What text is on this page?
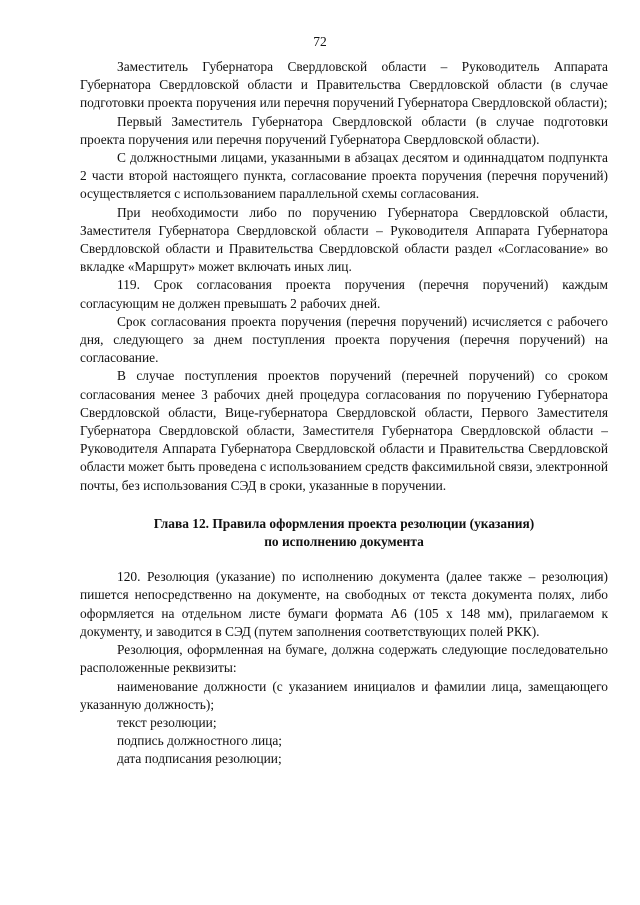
72

Заместитель Губернатора Свердловской области – Руководитель Аппарата Губернатора Свердловской области и Правительства Свердловской области (в случае подготовки проекта поручения или перечня поручений Губернатора Свердловской области);

Первый Заместитель Губернатора Свердловской области (в случае подготовки проекта поручения или перечня поручений Губернатора Свердловской области).

С должностными лицами, указанными в абзацах десятом и одиннадцатом подпункта 2 части второй настоящего пункта, согласование проекта поручения (перечня поручений) осуществляется с использованием параллельной схемы согласования.

При необходимости либо по поручению Губернатора Свердловской области, Заместителя Губернатора Свердловской области – Руководителя Аппарата Губернатора Свердловской области и Правительства Свердловской области раздел «Согласование» во вкладке «Маршрут» может включать иных лиц.

119. Срок согласования проекта поручения (перечня поручений) каждым согласующим не должен превышать 2 рабочих дней.

Срок согласования проекта поручения (перечня поручений) исчисляется с рабочего дня, следующего за днем поступления проекта поручения (перечня поручений) на согласование.

В случае поступления проектов поручений (перечней поручений) со сроком согласования менее 3 рабочих дней процедура согласования по поручению Губернатора Свердловской области, Вице-губернатора Свердловской области, Первого Заместителя Губернатора Свердловской области, Заместителя Губернатора Свердловской области – Руководителя Аппарата Губернатора Свердловской области и Правительства Свердловской области может быть проведена с использованием средств факсимильной связи, электронной почты, без использования СЭД в сроки, указанные в поручении.

Глава 12. Правила оформления проекта резолюции (указания)
по исполнению документа

120. Резолюция (указание) по исполнению документа (далее также – резолюция) пишется непосредственно на документе, на свободных от текста документа полях, либо оформляется на отдельном листе бумаги формата А6 (105 x 148 мм), прилагаемом к документу, и заводится в СЭД (путем заполнения соответствующих полей РКК).

Резолюция, оформленная на бумаге, должна содержать следующие последовательно расположенные реквизиты:

наименование должности (с указанием инициалов и фамилии лица, замещающего указанную должность);

текст резолюции;

подпись должностного лица;

дата подписания резолюции;
